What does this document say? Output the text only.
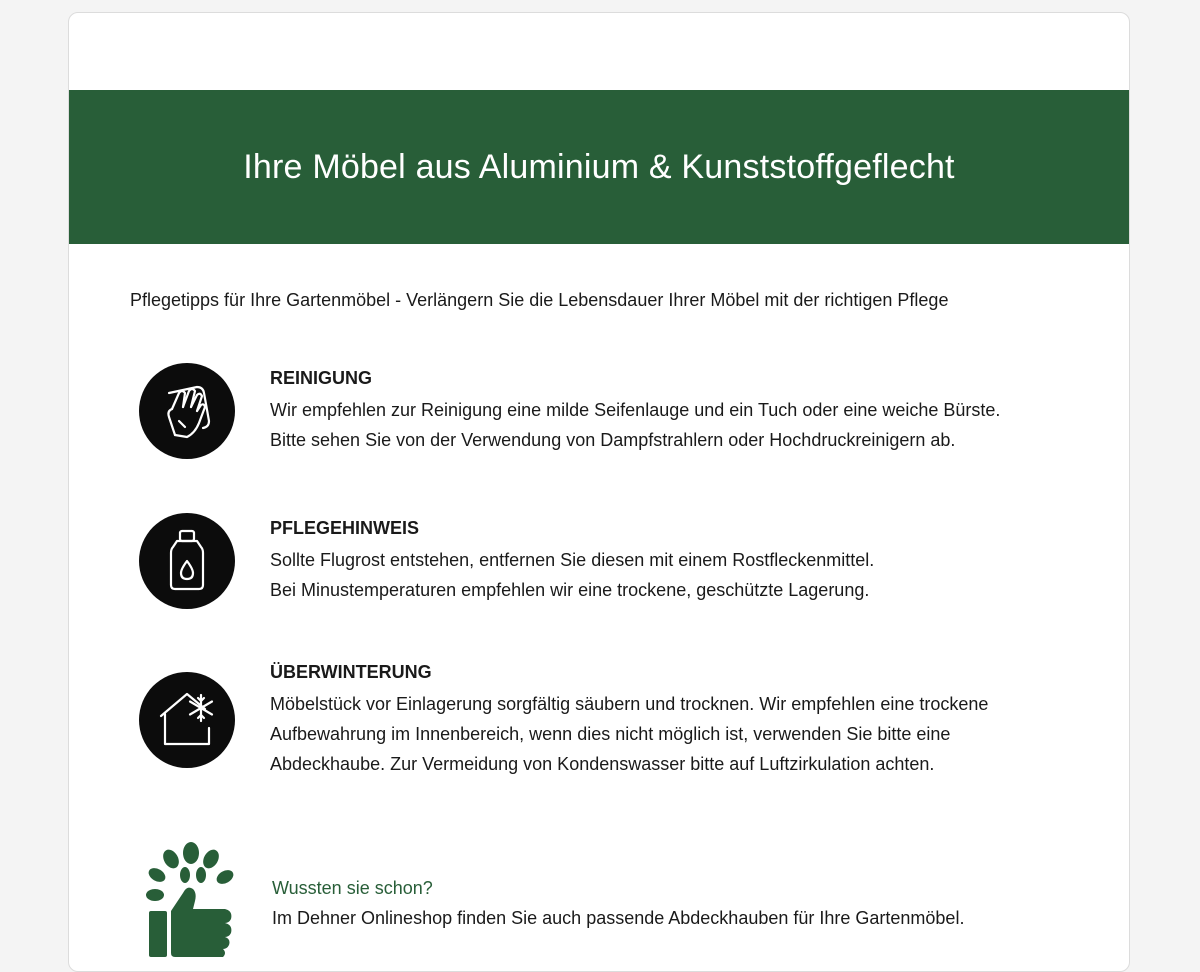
Ihre Möbel aus Aluminium & Kunststoffgeflecht

Pflegetipps für Ihre Gartenmöbel - Verlängern Sie die Lebensdauer Ihrer Möbel mit der richtigen Pflege

REINIGUNG

Wir empfehlen zur Reinigung eine milde Seifenlauge und ein Tuch oder eine weiche Bürste.

Bitte sehen Sie von der Verwendung von Dampfstrahlern oder Hochdruckreinigern ab.

PFLEGEHINWEIS

Sollte Flugrost entstehen, entfernen Sie diesen mit einem Rostfleckenmittel.

Bei Minustemperaturen empfehlen wir eine trockene, geschützte Lagerung.

ÜBERWINTERUNG

Möbelstück vor Einlagerung sorgfältig säubern und trocknen. Wir empfehlen eine trockene

Aufbewahrung im Innenbereich, wenn dies nicht möglich ist, verwenden Sie bitte eine

Abdeckhaube. Zur Vermeidung von Kondenswasser bitte auf Luftzirkulation achten.

Wussten sie schon?

Im Dehner Onlineshop finden Sie auch passende Abdeckhauben für Ihre Gartenmöbel.
